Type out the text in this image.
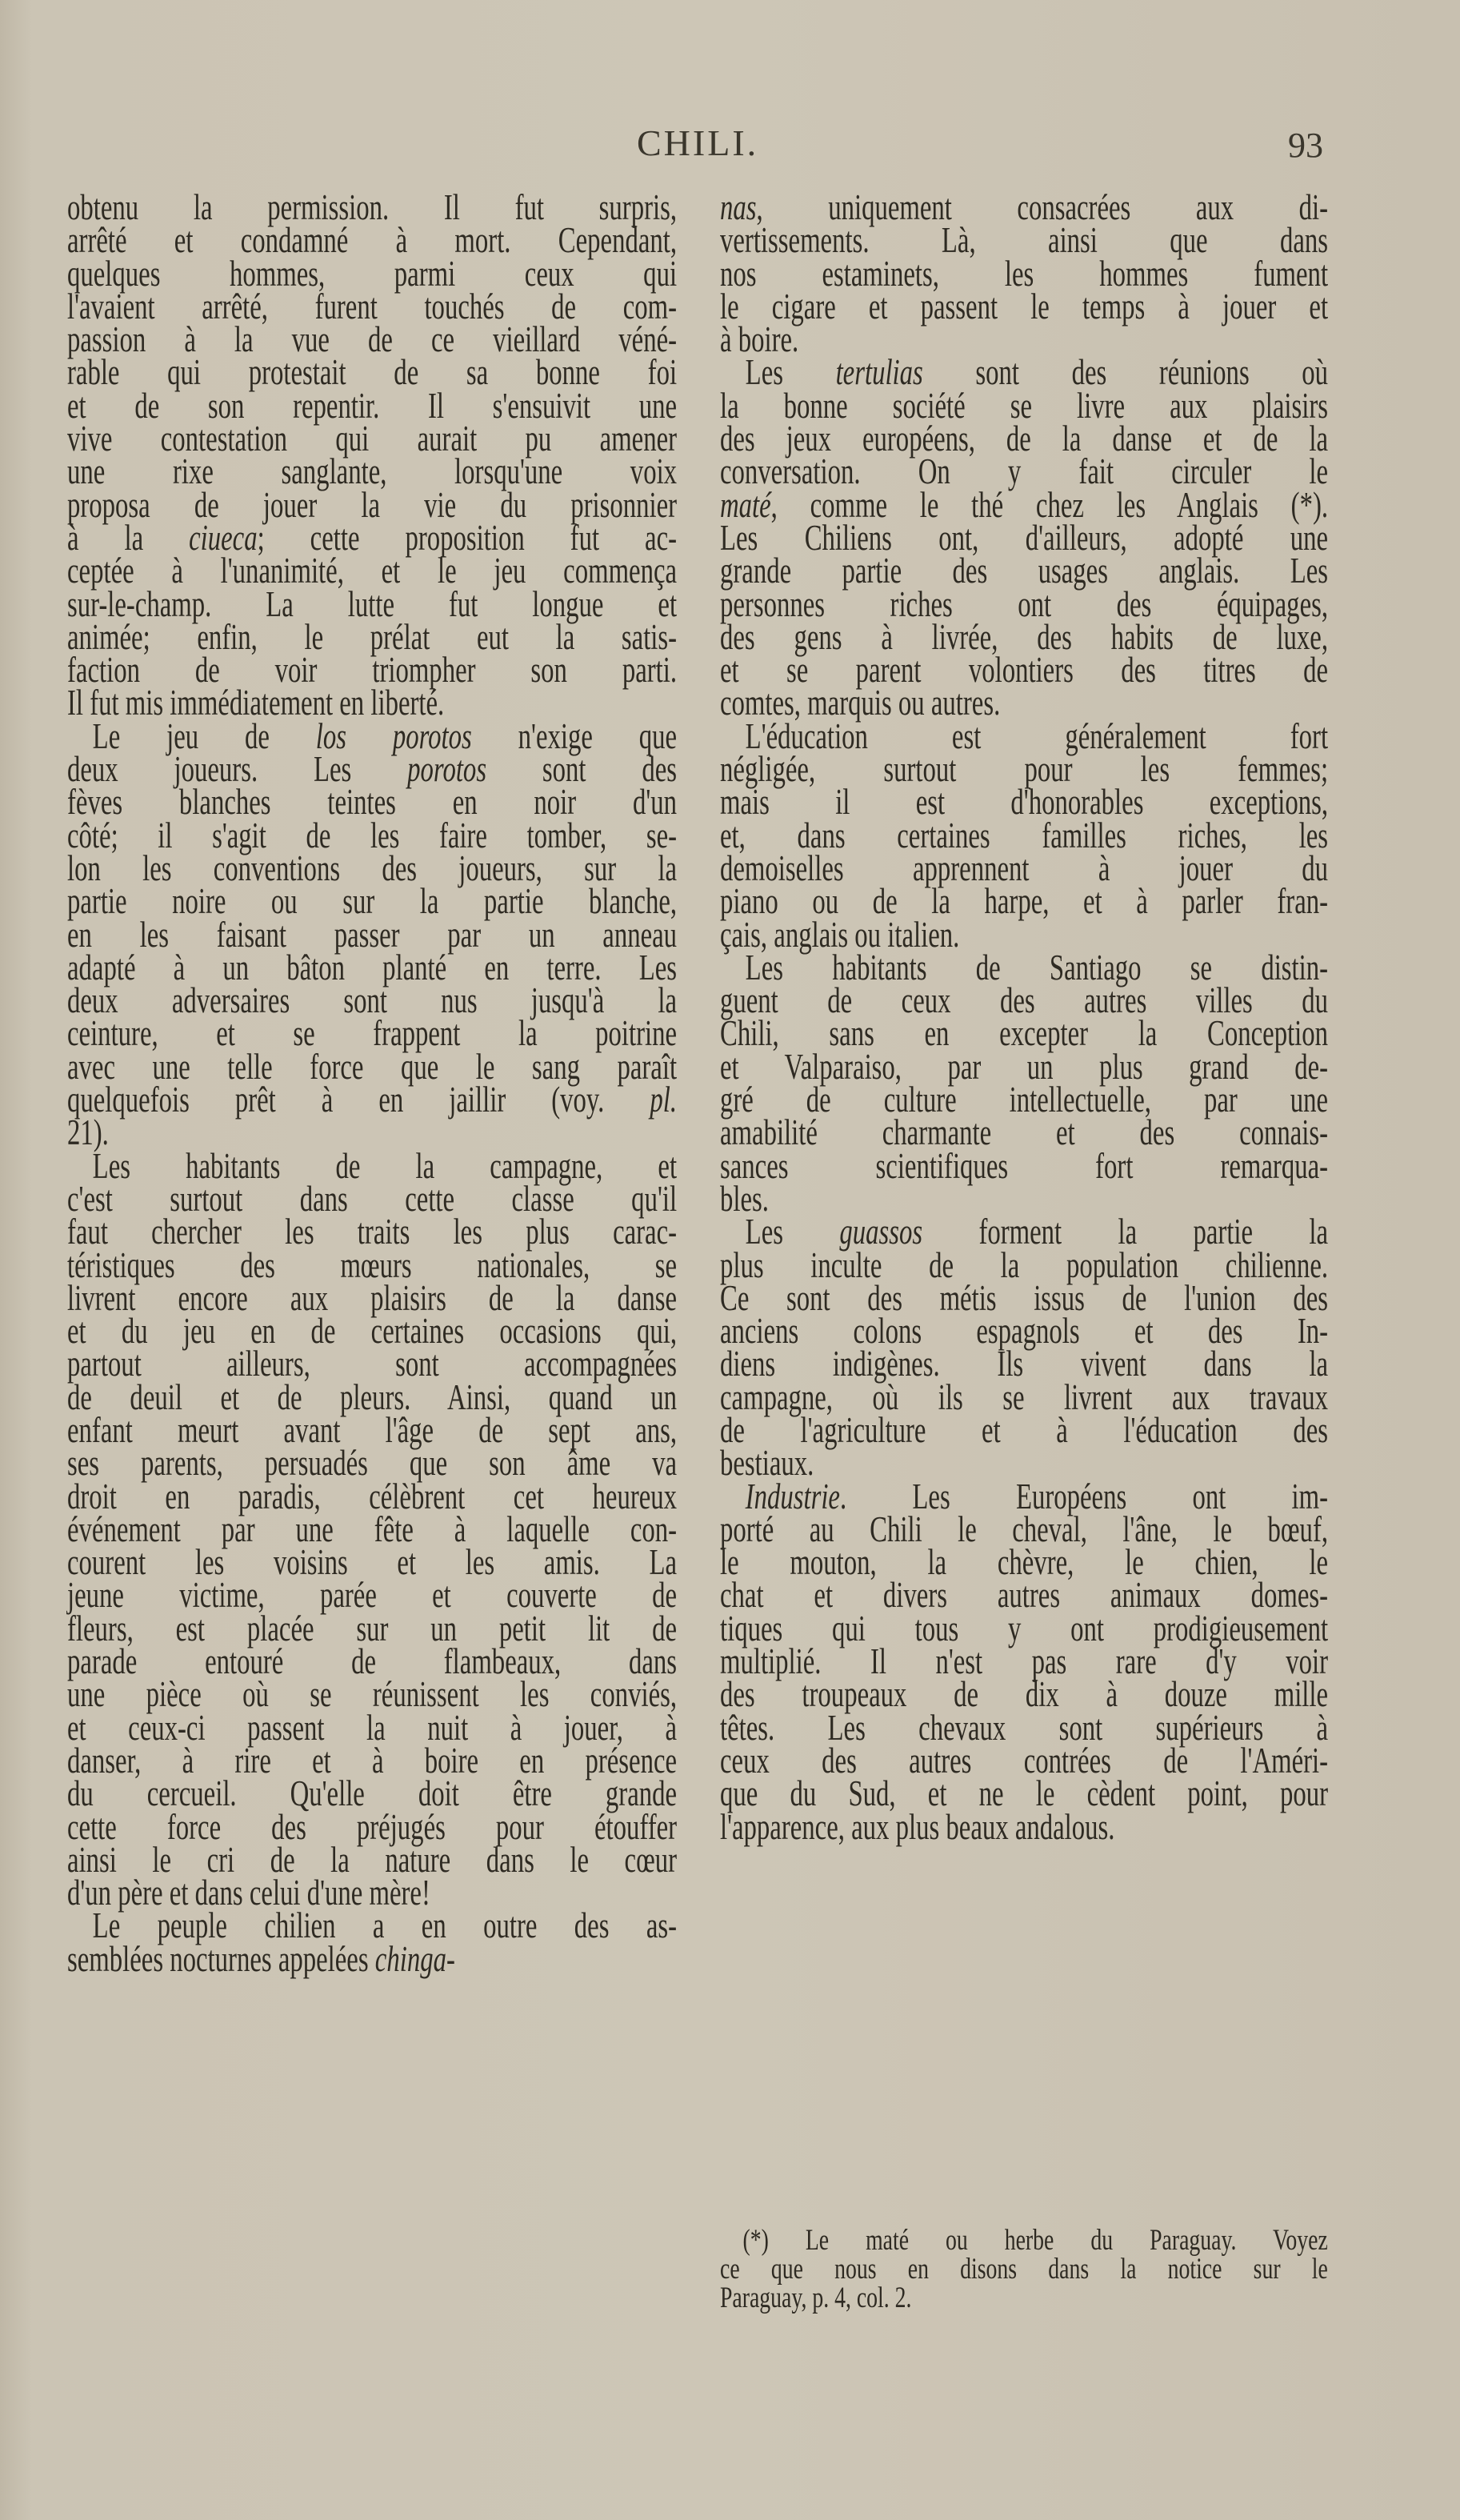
CHILI.	93
obtenu la permission. Il fut surpris,
arrêté et condamné à mort. Cependant,
quelques hommes, parmi ceux qui
l'avaient arrêté, furent touchés de com-
passion à la vue de ce vieillard véné-
rable qui protestait de sa bonne foi
et de son repentir. Il s'ensuivit une
vive contestation qui aurait pu amener
une rixe sanglante, lorsqu'une voix
proposa de jouer la vie du prisonnier
à la ciueca; cette proposition fut ac-
ceptée à l'unanimité, et le jeu commença
sur-le-champ. La lutte fut longue et
animée; enfin, le prélat eut la satis-
faction de voir triompher son parti.
Il fut mis immédiatement en liberté.
Le jeu de los porotos n'exige que
deux joueurs. Les porotos sont des
fèves blanches teintes en noir d'un
côté; il s'agit de les faire tomber, se-
lon les conventions des joueurs, sur la
partie noire ou sur la partie blanche,
en les faisant passer par un anneau
adapté à un bâton planté en terre. Les
deux adversaires sont nus jusqu'à la
ceinture, et se frappent la poitrine
avec une telle force que le sang paraît
quelquefois prêt à en jaillir (voy. pl.
21).
Les habitants de la campagne, et
c'est surtout dans cette classe qu'il
faut chercher les traits les plus carac-
téristiques des mœurs nationales, se
livrent encore aux plaisirs de la danse
et du jeu en de certaines occasions qui,
partout ailleurs, sont accompagnées
de deuil et de pleurs. Ainsi, quand un
enfant meurt avant l'âge de sept ans,
ses parents, persuadés que son âme va
droit en paradis, célèbrent cet heureux
événement par une fête à laquelle con-
courent les voisins et les amis. La
jeune victime, parée et couverte de
fleurs, est placée sur un petit lit de
parade entouré de flambeaux, dans
une pièce où se réunissent les conviés,
et ceux-ci passent la nuit à jouer, à
danser, à rire et à boire en présence
du cercueil. Qu'elle doit être grande
cette force des préjugés pour étouffer
ainsi le cri de la nature dans le cœur
d'un père et dans celui d'une mère!
Le peuple chilien a en outre des as-
semblées nocturnes appelées chinga-
nas, uniquement consacrées aux di-
vertissements. Là, ainsi que dans
nos estaminets, les hommes fument
le cigare et passent le temps à jouer et
à boire.
Les tertulias sont des réunions où
la bonne société se livre aux plaisirs
des jeux européens, de la danse et de la
conversation. On y fait circuler le
maté, comme le thé chez les Anglais (*).
Les Chiliens ont, d'ailleurs, adopté une
grande partie des usages anglais. Les
personnes riches ont des équipages,
des gens à livrée, des habits de luxe,
et se parent volontiers des titres de
comtes, marquis ou autres.
L'éducation est généralement fort
négligée, surtout pour les femmes;
mais il est d'honorables exceptions,
et, dans certaines familles riches, les
demoiselles apprennent à jouer du
piano ou de la harpe, et à parler fran-
çais, anglais ou italien.
Les habitants de Santiago se distin-
guent de ceux des autres villes du
Chili, sans en excepter la Conception
et Valparaiso, par un plus grand de-
gré de culture intellectuelle, par une
amabilité charmante et des connais-
sances scientifiques fort remarqua-
bles.
Les guassos forment la partie la
plus inculte de la population chilienne.
Ce sont des métis issus de l'union des
anciens colons espagnols et des In-
diens indigènes. Ils vivent dans la
campagne, où ils se livrent aux travaux
de l'agriculture et à l'éducation des
bestiaux.
Industrie. Les Européens ont im-
porté au Chili le cheval, l'âne, le bœuf,
le mouton, la chèvre, le chien, le
chat et divers autres animaux domes-
tiques qui tous y ont prodigieusement
multiplié. Il n'est pas rare d'y voir
des troupeaux de dix à douze mille
têtes. Les chevaux sont supérieurs à
ceux des autres contrées de l'Améri-
que du Sud, et ne le cèdent point, pour
l'apparence, aux plus beaux andalous.
(*) Le maté ou herbe du Paraguay. Voyez
ce que nous en disons dans la notice sur le
Paraguay, p. 4, col. 2.
